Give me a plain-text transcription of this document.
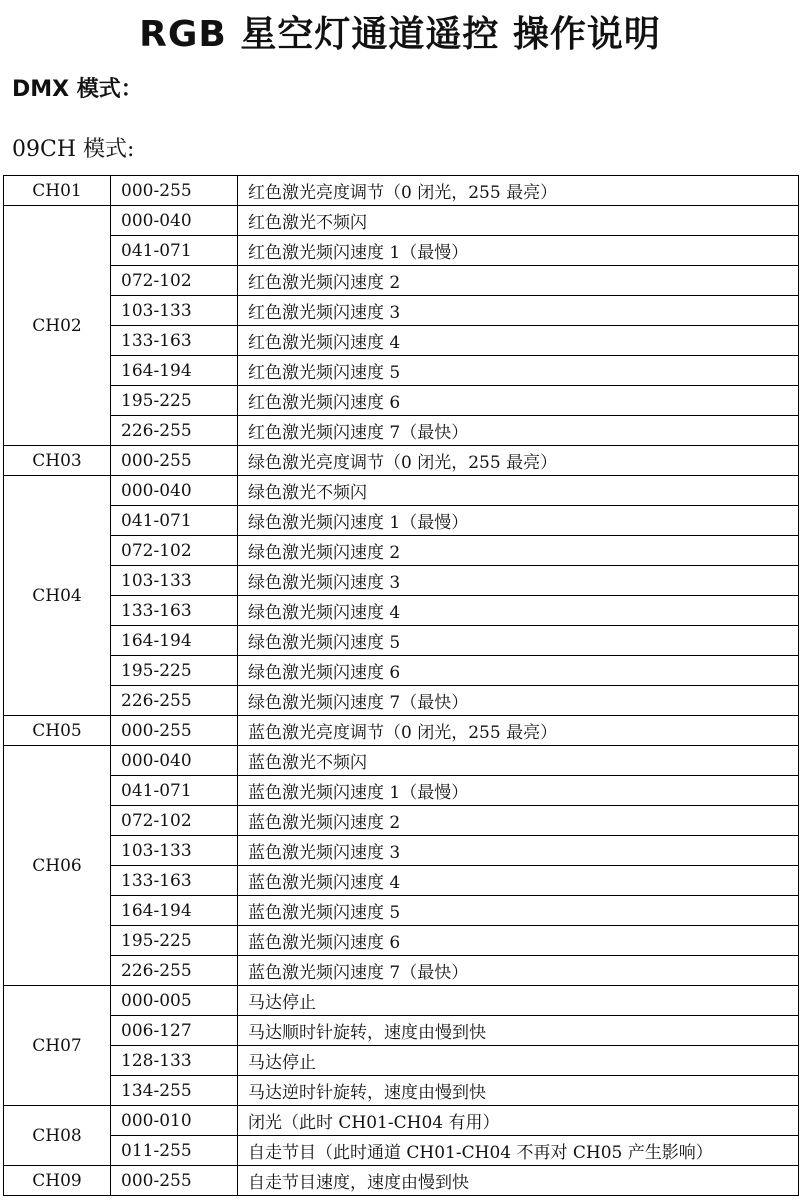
RGB 星空灯通道遥控 操作说明
DMX 模式：
09CH 模式:
CH01	000-255	红色激光亮度调节（0 闭光，255 最亮）
CH02	000-040	红色激光不频闪
	041-071	红色激光频闪速度 1（最慢）
	072-102	红色激光频闪速度 2
	103-133	红色激光频闪速度 3
	133-163	红色激光频闪速度 4
	164-194	红色激光频闪速度 5
	195-225	红色激光频闪速度 6
	226-255	红色激光频闪速度 7（最快）
CH03	000-255	绿色激光亮度调节（0 闭光，255 最亮）
CH04	000-040	绿色激光不频闪
	041-071	绿色激光频闪速度 1（最慢）
	072-102	绿色激光频闪速度 2
	103-133	绿色激光频闪速度 3
	133-163	绿色激光频闪速度 4
	164-194	绿色激光频闪速度 5
	195-225	绿色激光频闪速度 6
	226-255	绿色激光频闪速度 7（最快）
CH05	000-255	蓝色激光亮度调节（0 闭光，255 最亮）
CH06	000-040	蓝色激光不频闪
	041-071	蓝色激光频闪速度 1（最慢）
	072-102	蓝色激光频闪速度 2
	103-133	蓝色激光频闪速度 3
	133-163	蓝色激光频闪速度 4
	164-194	蓝色激光频闪速度 5
	195-225	蓝色激光频闪速度 6
	226-255	蓝色激光频闪速度 7（最快）
CH07	000-005	马达停止
	006-127	马达顺时针旋转，速度由慢到快
	128-133	马达停止
	134-255	马达逆时针旋转，速度由慢到快
CH08	000-010	闭光（此时 CH01-CH04 有用）
	011-255	自走节目（此时通道 CH01-CH04 不再对 CH05 产生影响）
CH09	000-255	自走节目速度，速度由慢到快
